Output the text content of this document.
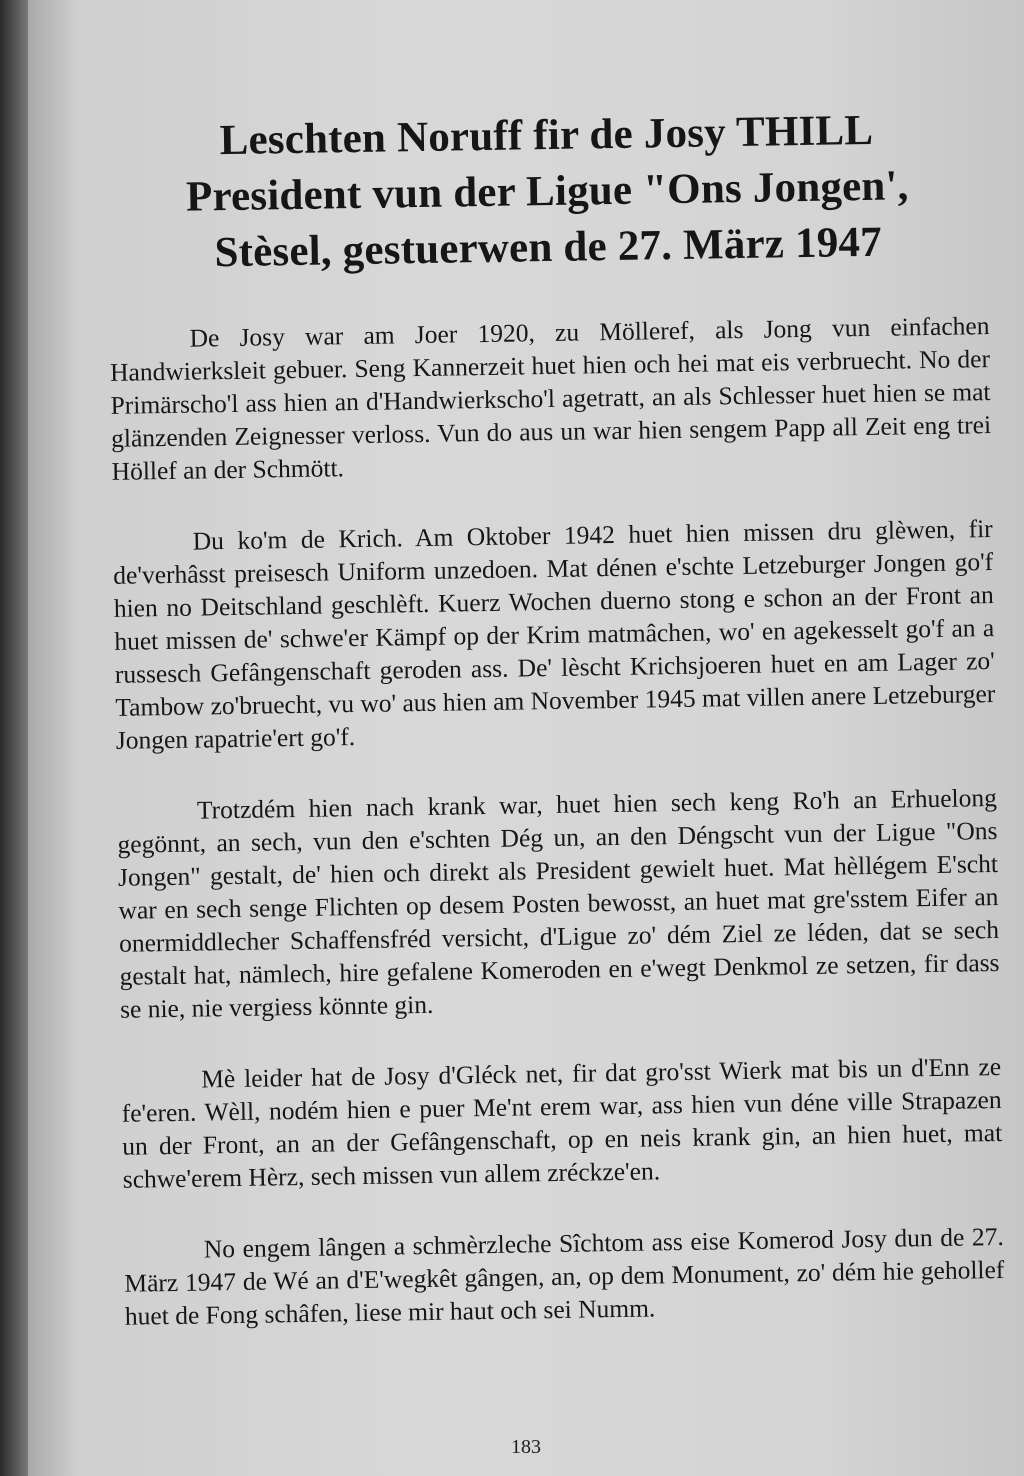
Leschten Noruff fir de Josy THILL
President vun der Ligue "Ons Jongen',
Stèsel, gestuerwen de 27. März 1947

De Josy war am Joer 1920, zu Mölleref, als Jong vun einfachen Handwierksleit gebuer. Seng Kannerzeit huet hien och hei mat eis verbruecht. No der Primärscho'l ass hien an d'Handwierkscho'l agetratt, an als Schlesser huet hien se mat glänzenden Zeignesser verloss. Vun do aus un war hien sengem Papp all Zeit eng trei Höllef an der Schmött.

Du ko'm de Krich. Am Oktober 1942 huet hien missen dru glèwen, fir de'verhâsst preisesch Uniform unzedoen. Mat dénen e'schte Letzeburger Jongen go'f hien no Deitschland geschlèft. Kuerz Wochen duerno stong e schon an der Front an huet missen de' schwe'er Kämpf op der Krim matmâchen, wo' en agekesselt go'f an a russesch Gefângenschaft geroden ass. De' lèscht Krichsjoeren huet en am Lager zo' Tambow zo'bruecht, vu wo' aus hien am November 1945 mat villen anere Letzeburger Jongen rapatrie'ert go'f.

Trotzdém hien nach krank war, huet hien sech keng Ro'h an Erhuelong gegönnt, an sech, vun den e'schten Dég un, an den Déngscht vun der Ligue "Ons Jongen" gestalt, de' hien och direkt als President gewielt huet. Mat hèllégem E'scht war en sech senge Flichten op desem Posten bewosst, an huet mat gre'sstem Eifer an onermiddlecher Schaffensfréd versicht, d'Ligue zo' dém Ziel ze léden, dat se sech gestalt hat, nämlech, hire gefalene Komeroden en e'wegt Denkmol ze setzen, fir dass se nie, nie vergiess könnte gin.

Mè leider hat de Josy d'Gléck net, fir dat gro'sst Wierk mat bis un d'Enn ze fe'eren. Wèll, nodém hien e puer Me'nt erem war, ass hien vun déne ville Strapazen un der Front, an an der Gefângenschaft, op en neis krank gin, an hien huet, mat schwe'erem Hèrz, sech missen vun allem zréckze'en.

No engem lângen a schmèrzleche Sîchtom ass eise Komerod Josy dun de 27. März 1947 de Wé an d'E'wegkêt gângen, an, op dem Monument, zo' dém hie gehollef huet de Fong schâfen, liese mir haut och sei Numm.

183
